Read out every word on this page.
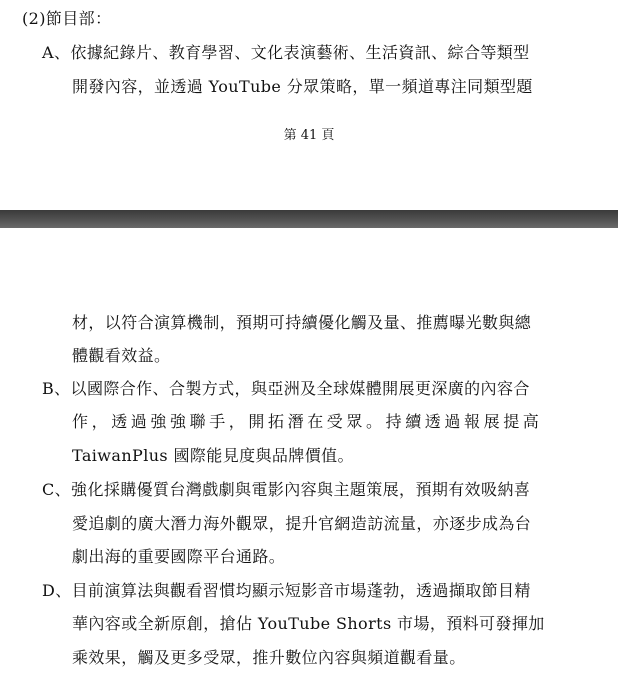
(2)節目部：
A、依據紀錄片、教育學習、文化表演藝術、生活資訊、綜合等類型
開發內容，並透過 YouTube 分眾策略，單一頻道專注同類型題
第 41 頁
材，以符合演算機制，預期可持續優化觸及量、推薦曝光數與總
體觀看效益。
B、以國際合作、合製方式，與亞洲及全球媒體開展更深廣的內容合
作，透過強強聯手，開拓潛在受眾。持續透過報展提高
TaiwanPlus 國際能見度與品牌價值。
C、強化採購優質台灣戲劇與電影內容與主題策展，預期有效吸納喜
愛追劇的廣大潛力海外觀眾，提升官網造訪流量，亦逐步成為台
劇出海的重要國際平台通路。
D、目前演算法與觀看習慣均顯示短影音市場蓬勃，透過擷取節目精
華內容或全新原創，搶佔 YouTube Shorts 市場，預料可發揮加
乘效果，觸及更多受眾，推升數位內容與頻道觀看量。
